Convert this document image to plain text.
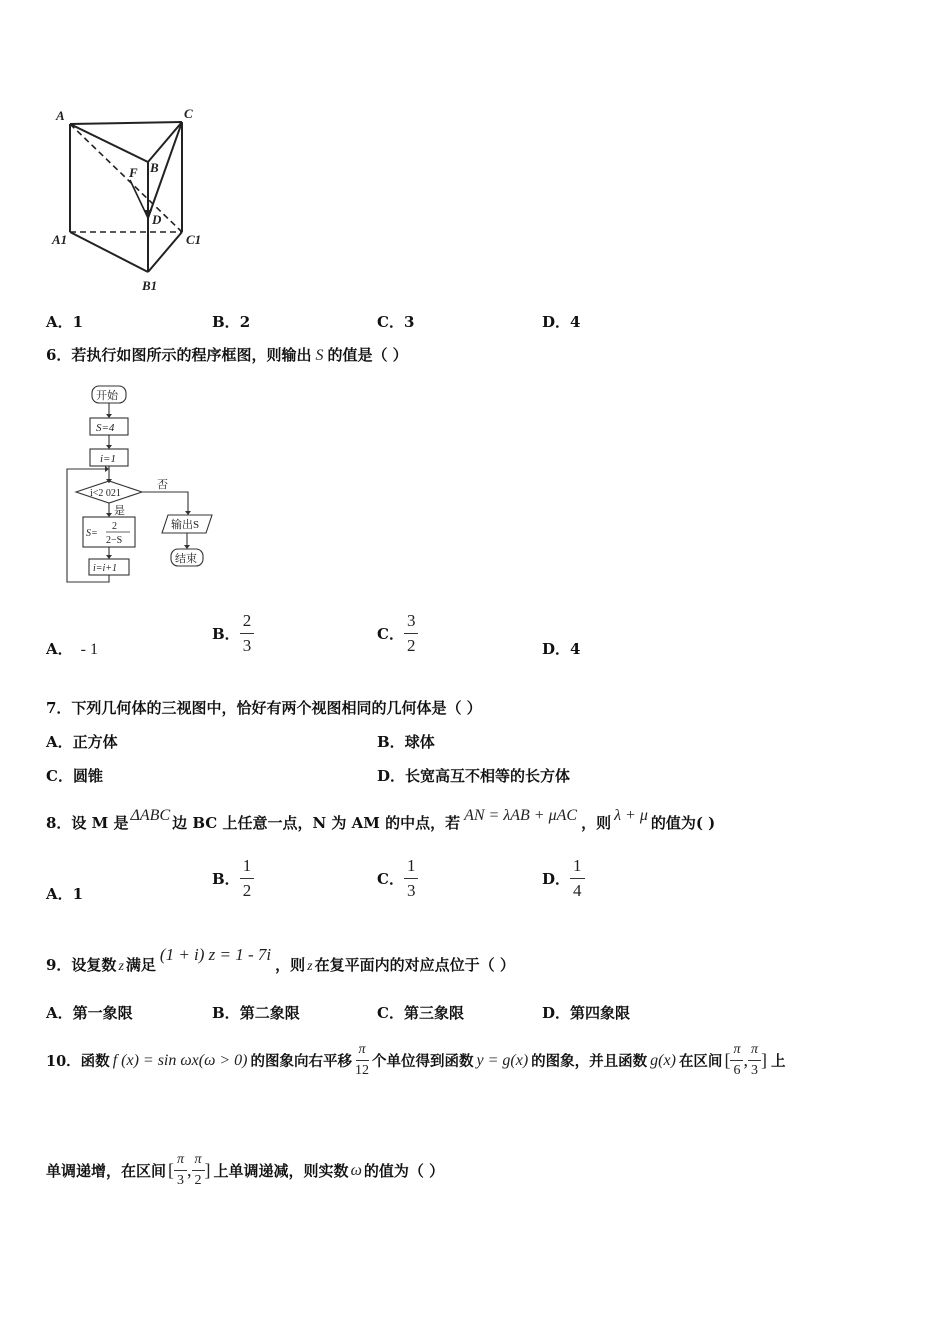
A	C
B
F
D
A1	C1
B1
A．1	B．2	C．3	D．4
6．若执行如图所示的程序框图，则输出 S 的值是（ ）
开始
S=4
i=1
i<2 021
否
是
S=
2
2−S
输出S
结束
i=i+1
A． - 1
B． $\frac{2}{3}$	C． $\frac{3}{2}$	D．4
7．下列几何体的三视图中，恰好有两个视图相同的几何体是（ ）
A．正方体	B．球体
C．圆锥	D．长宽高互不相等的长方体
8．设 M 是 ΔABC 边 BC 上任意一点，N 为 AM 的中点，若 AN = λAB + μAC ，则 λ + μ 的值为( )
A．1
B． $\frac{1}{2}$	C． $\frac{1}{3}$	D． $\frac{1}{4}$
9．设复数 z 满足(1 + i) z = 1 - 7i，则 z 在复平面内的对应点位于（ ）
A．第一象限	B．第二象限	C．第三象限	D．第四象限
10．函数 f (x) = sin ωx(ω > 0) 的图象向右平移 $\frac{\pi}{12}$ 个单位得到函数 y = g(x) 的图象，并且函数 g(x) 在区间 [ $\frac{\pi}{6}$ , $\frac{\pi}{3}$ ] 上
单调递增，在区间 [ $\frac{\pi}{3}$ , $\frac{\pi}{2}$ ] 上单调递减，则实数 ω 的值为（ ）
